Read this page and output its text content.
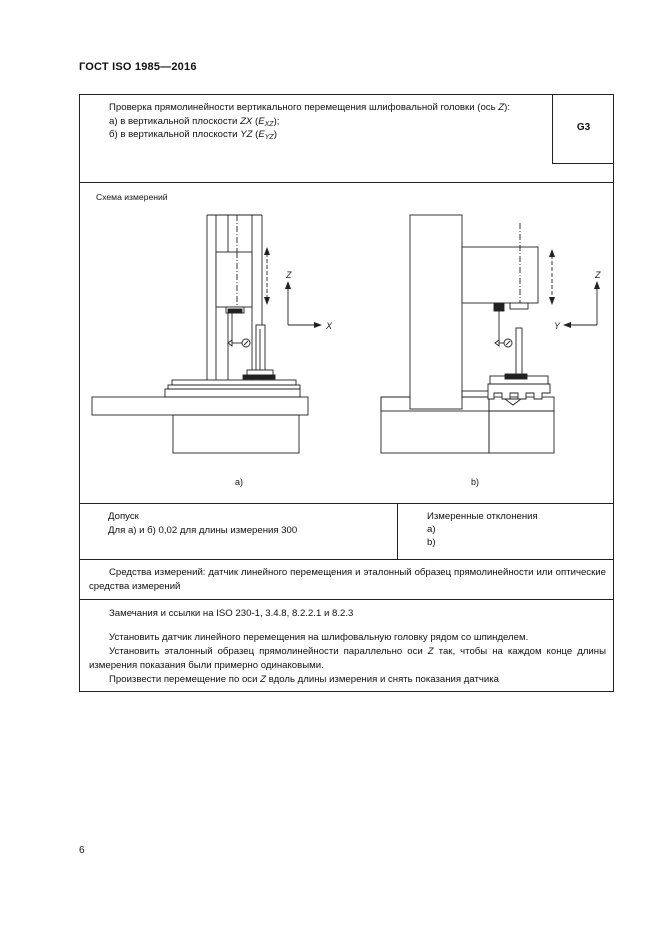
ГОСТ ISO 1985—2016
Проверка прямолинейности вертикального перемещения шлифовальной головки (ось Z):
а) в вертикальной плоскости ZX $(E_{XZ})$;
б) в вертикальной плоскости YZ $(E_{YZ})$
G3
Схема измерений
Z
X
Z
Y
a)	b)
Допуск
Для а) и б) 0,02 для длины измерения 300
Измеренные отклонения
а)
b)
Средства измерений: датчик линейного перемещения и эталонный образец прямолинейности или оптические средства измерений
Замечания и ссылки на ISO 230-1, 3.4.8, 8.2.2.1 и 8.2.3
Установить датчик линейного перемещения на шлифовальную головку рядом со шпинделем.
Установить эталонный образец прямолинейности параллельно оси Z так, чтобы на каждом конце длины измерения показания были примерно одинаковыми.
Произвести перемещение по оси Z вдоль длины измерения и снять показания датчика
6
